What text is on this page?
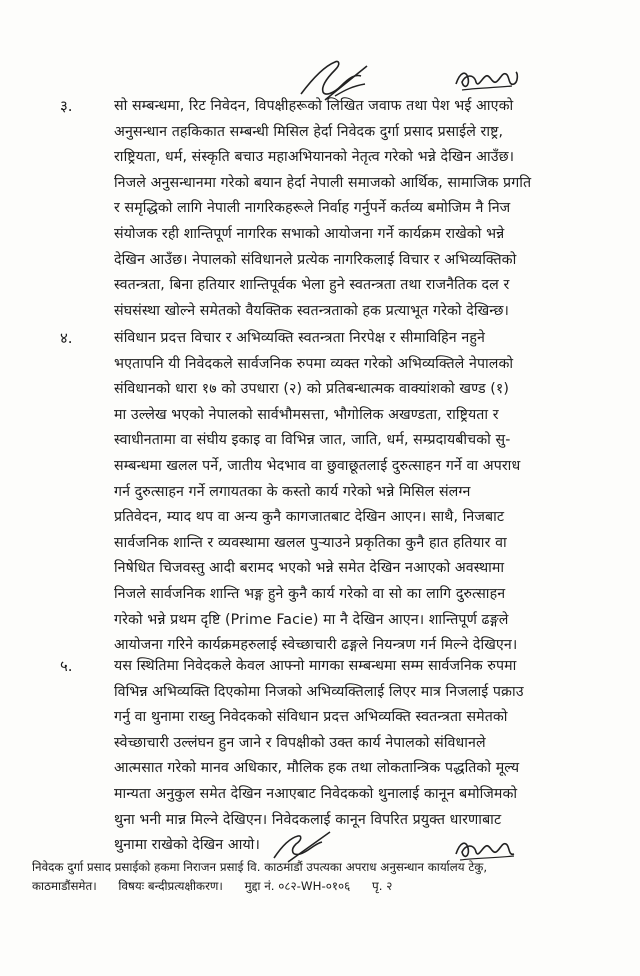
३.	सो सम्बन्धमा, रिट निवेदन, विपक्षीहरूको लिखित जवाफ तथा पेश भई आएको
अनुसन्धान तहकिकात सम्बन्धी मिसिल हेर्दा निवेदक दुर्गा प्रसाद प्रसाईले राष्ट्र,
राष्ट्रियता, धर्म, संस्कृति बचाउ महाअभियानको नेतृत्व गरेको भन्ने देखिन आउँछ।
निजले अनुसन्धानमा गरेको बयान हेर्दा नेपाली समाजको आर्थिक, सामाजिक प्रगति
र समृद्धिको लागि नेपाली नागरिकहरूले निर्वाह गर्नुपर्ने कर्तव्य बमोजिम नै निज
संयोजक रही शान्तिपूर्ण नागरिक सभाको आयोजना गर्ने कार्यक्रम राखेको भन्ने
देखिन आउँछ। नेपालको संविधानले प्रत्येक नागरिकलाई विचार र अभिव्यक्तिको
स्वतन्त्रता, बिना हतियार शान्तिपूर्वक भेला हुने स्वतन्त्रता तथा राजनैतिक दल र
संघसंस्था खोल्ने समेतको वैयक्तिक स्वतन्त्रताको हक प्रत्याभूत गरेको देखिन्छ।
४.	संविधान प्रदत्त विचार र अभिव्यक्ति स्वतन्त्रता निरपेक्ष र सीमाविहिन नहुने
भएतापनि यी निवेदकले सार्वजनिक रुपमा व्यक्त गरेको अभिव्यक्तिले नेपालको
संविधानको धारा १७ को उपधारा (२) को प्रतिबन्धात्मक वाक्यांशको खण्ड (१)
मा उल्लेख भएको नेपालको सार्वभौमसत्ता, भौगोलिक अखण्डता, राष्ट्रियता र
स्वाधीनतामा वा संघीय इकाइ वा विभिन्न जात, जाति, धर्म, सम्प्रदायबीचको सु-
सम्बन्धमा खलल पर्ने, जातीय भेदभाव वा छुवाछूतलाई दुरुत्साहन गर्ने वा अपराध
गर्न दुरुत्साहन गर्ने लगायतका के कस्तो कार्य गरेको भन्ने मिसिल संलग्न
प्रतिवेदन, म्याद थप वा अन्य कुनै कागजातबाट देखिन आएन। साथै, निजबाट
सार्वजनिक शान्ति र व्यवस्थामा खलल पुऱ्याउने प्रकृतिका कुनै हात हतियार वा
निषेधित चिजवस्तु आदी बरामद भएको भन्ने समेत देखिन नआएको अवस्थामा
निजले सार्वजनिक शान्ति भङ्ग हुने कुनै कार्य गरेको वा सो का लागि दुरुत्साहन
गरेको भन्ने प्रथम दृष्टि (Prime Facie) मा नै देखिन आएन। शान्तिपूर्ण ढङ्गले
आयोजना गरिने कार्यक्रमहरुलाई स्वेच्छाचारी ढङ्गले नियन्त्रण गर्न मिल्ने देखिएन।
५.	यस स्थितिमा निवेदकले केवल आफ्नो मागका सम्बन्धमा सम्म सार्वजनिक रुपमा
विभिन्न अभिव्यक्ति दिएकोमा निजको अभिव्यक्तिलाई लिएर मात्र निजलाई पक्राउ
गर्नु वा थुनामा राख्नु निवेदकको संविधान प्रदत्त अभिव्यक्ति स्वतन्त्रता समेतको
स्वेच्छाचारी उल्लंघन हुन जाने र विपक्षीको उक्त कार्य नेपालको संविधानले
आत्मसात गरेको मानव अधिकार, मौलिक हक तथा लोकतान्त्रिक पद्धतिको मूल्य
मान्यता अनुकुल समेत देखिन नआएबाट निवेदकको थुनालाई कानून बमोजिमको
थुना भनी मान्न मिल्ने देखिएन। निवेदकलाई कानून विपरित प्रयुक्त धारणाबाट
थुनामा राखेको देखिन आयो।
निवेदक दुर्गा प्रसाद प्रसाईको हकमा निराजन प्रसाई वि. काठमाडौं उपत्यका अपराध अनुसन्धान कार्यालय टेकु,
काठमाडौंसमेत। विषयः बन्दीप्रत्यक्षीकरण। मुद्दा नं. ०८२-WH-०१०६ पृ. २
